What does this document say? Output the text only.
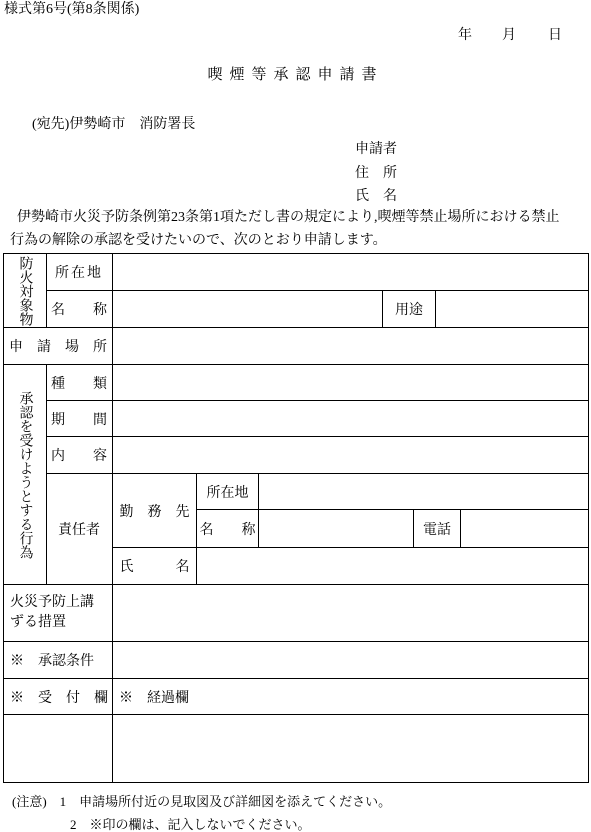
様式第6号(第8条関係)
年 月 日
喫煙等承認申請書
(宛先)伊勢崎市　消防署長
申請者
住　所
氏　名

伊勢崎市火災予防条例第23条第1項ただし書の規定により,喫煙等禁止場所における禁止

行為の解除の承認を受けたいので、次のとおり申請します。

防火対象物	所在地
名　　称	用途
申　請　場　所
承認を受けようとする行為
種　　類
期　　間
内　　容
責任者
勤　務　先
所在地
名　　称	電話
氏　　　名
火災予防上講
ずる措置
※　承認条件
※　受　付　欄 ※　経過欄
(注意)　1　申請場所付近の見取図及び詳細図を添えてください。
2　※印の欄は、記入しないでください。
